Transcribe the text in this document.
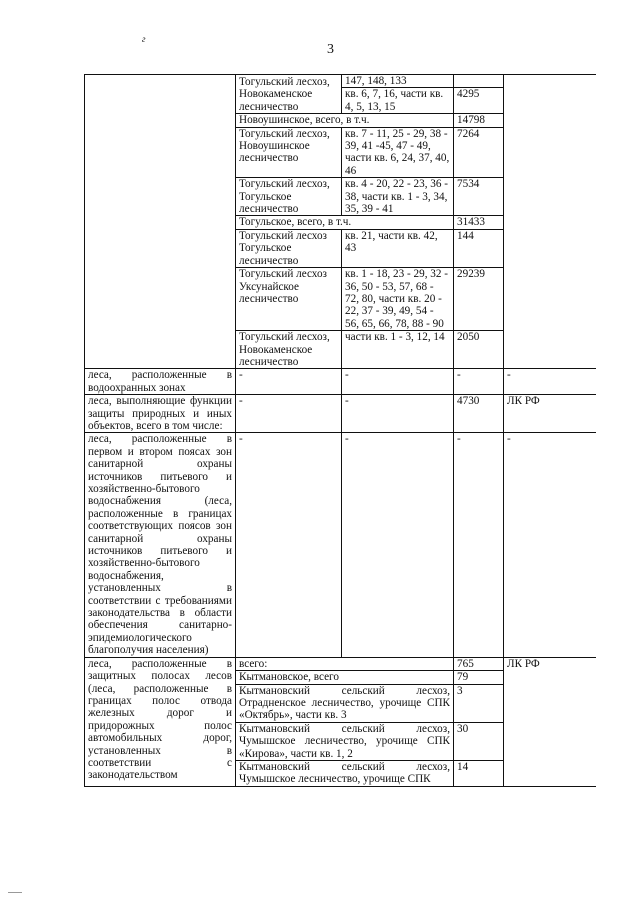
г
3
	Тогульский лесхоз, Новокаменское лесничество	147, 148, 133		
		кв. 6, 7, 16, части кв. 4, 5, 13, 15	4295	
	Новоушинское, всего, в т.ч.		14798	
	Тогульский лесхоз, Новоушинское лесничество	кв. 7 - 11, 25 - 29, 38 - 39, 41 -45, 47 - 49, части кв. 6, 24, 37, 40, 46	7264	
	Тогульский лесхоз, Тогульское лесничество	кв. 4 - 20, 22 - 23, 36 - 38, части кв. 1 - 3, 34, 35, 39 - 41	7534	
	Тогульское, всего, в т.ч.		31433	
	Тогульский лесхоз Тогульское лесничество	кв. 21, части кв. 42, 43	144	
	Тогульский лесхоз Уксунайское лесничество	кв. 1 - 18, 23 - 29, 32 - 36, 50 - 53, 57, 68 - 72, 80, части кв. 20 - 22, 37 - 39, 49, 54 - 56, 65, 66, 78, 88 - 90	29239	
	Тогульский лесхоз, Новокаменское лесничество	части кв. 1 - 3, 12, 14	2050	
леса, расположенные в водоохранных зонах	-	-	-	-
леса, выполняющие функции защиты природных и иных объектов, всего в том числе:	-	-	4730	ЛК РФ
леса, расположенные в первом и втором поясах зон санитарной охраны источников питьевого и хозяйственно-бытового водоснабжения (леса, расположенные в границах соответствующих поясов зон санитарной охраны источников питьевого и хозяйственно-бытового водоснабжения, установленных в соответствии с требованиями законодательства в области обеспечения санитарно-эпидемиологического благополучия населения)	-	-	-	-
леса, расположенные в защитных полосах лесов (леса, расположенные в границах полос отвода железных дорог и придорожных полос автомобильных дорог, установленных в соответствии с законодательством	всего:		765	ЛК РФ
	Кытмановское, всего		79	
	Кытмановский сельский лесхоз, Отрадненское лесничество, урочище СПК «Октябрь», части кв. 3		3	
	Кытмановский сельский лесхоз, Чумышское лесничество, урочище СПК «Кирова», части кв. 1, 2		30	
	Кытмановский сельский лесхоз, Чумышское лесничество, урочище СПК		14	
